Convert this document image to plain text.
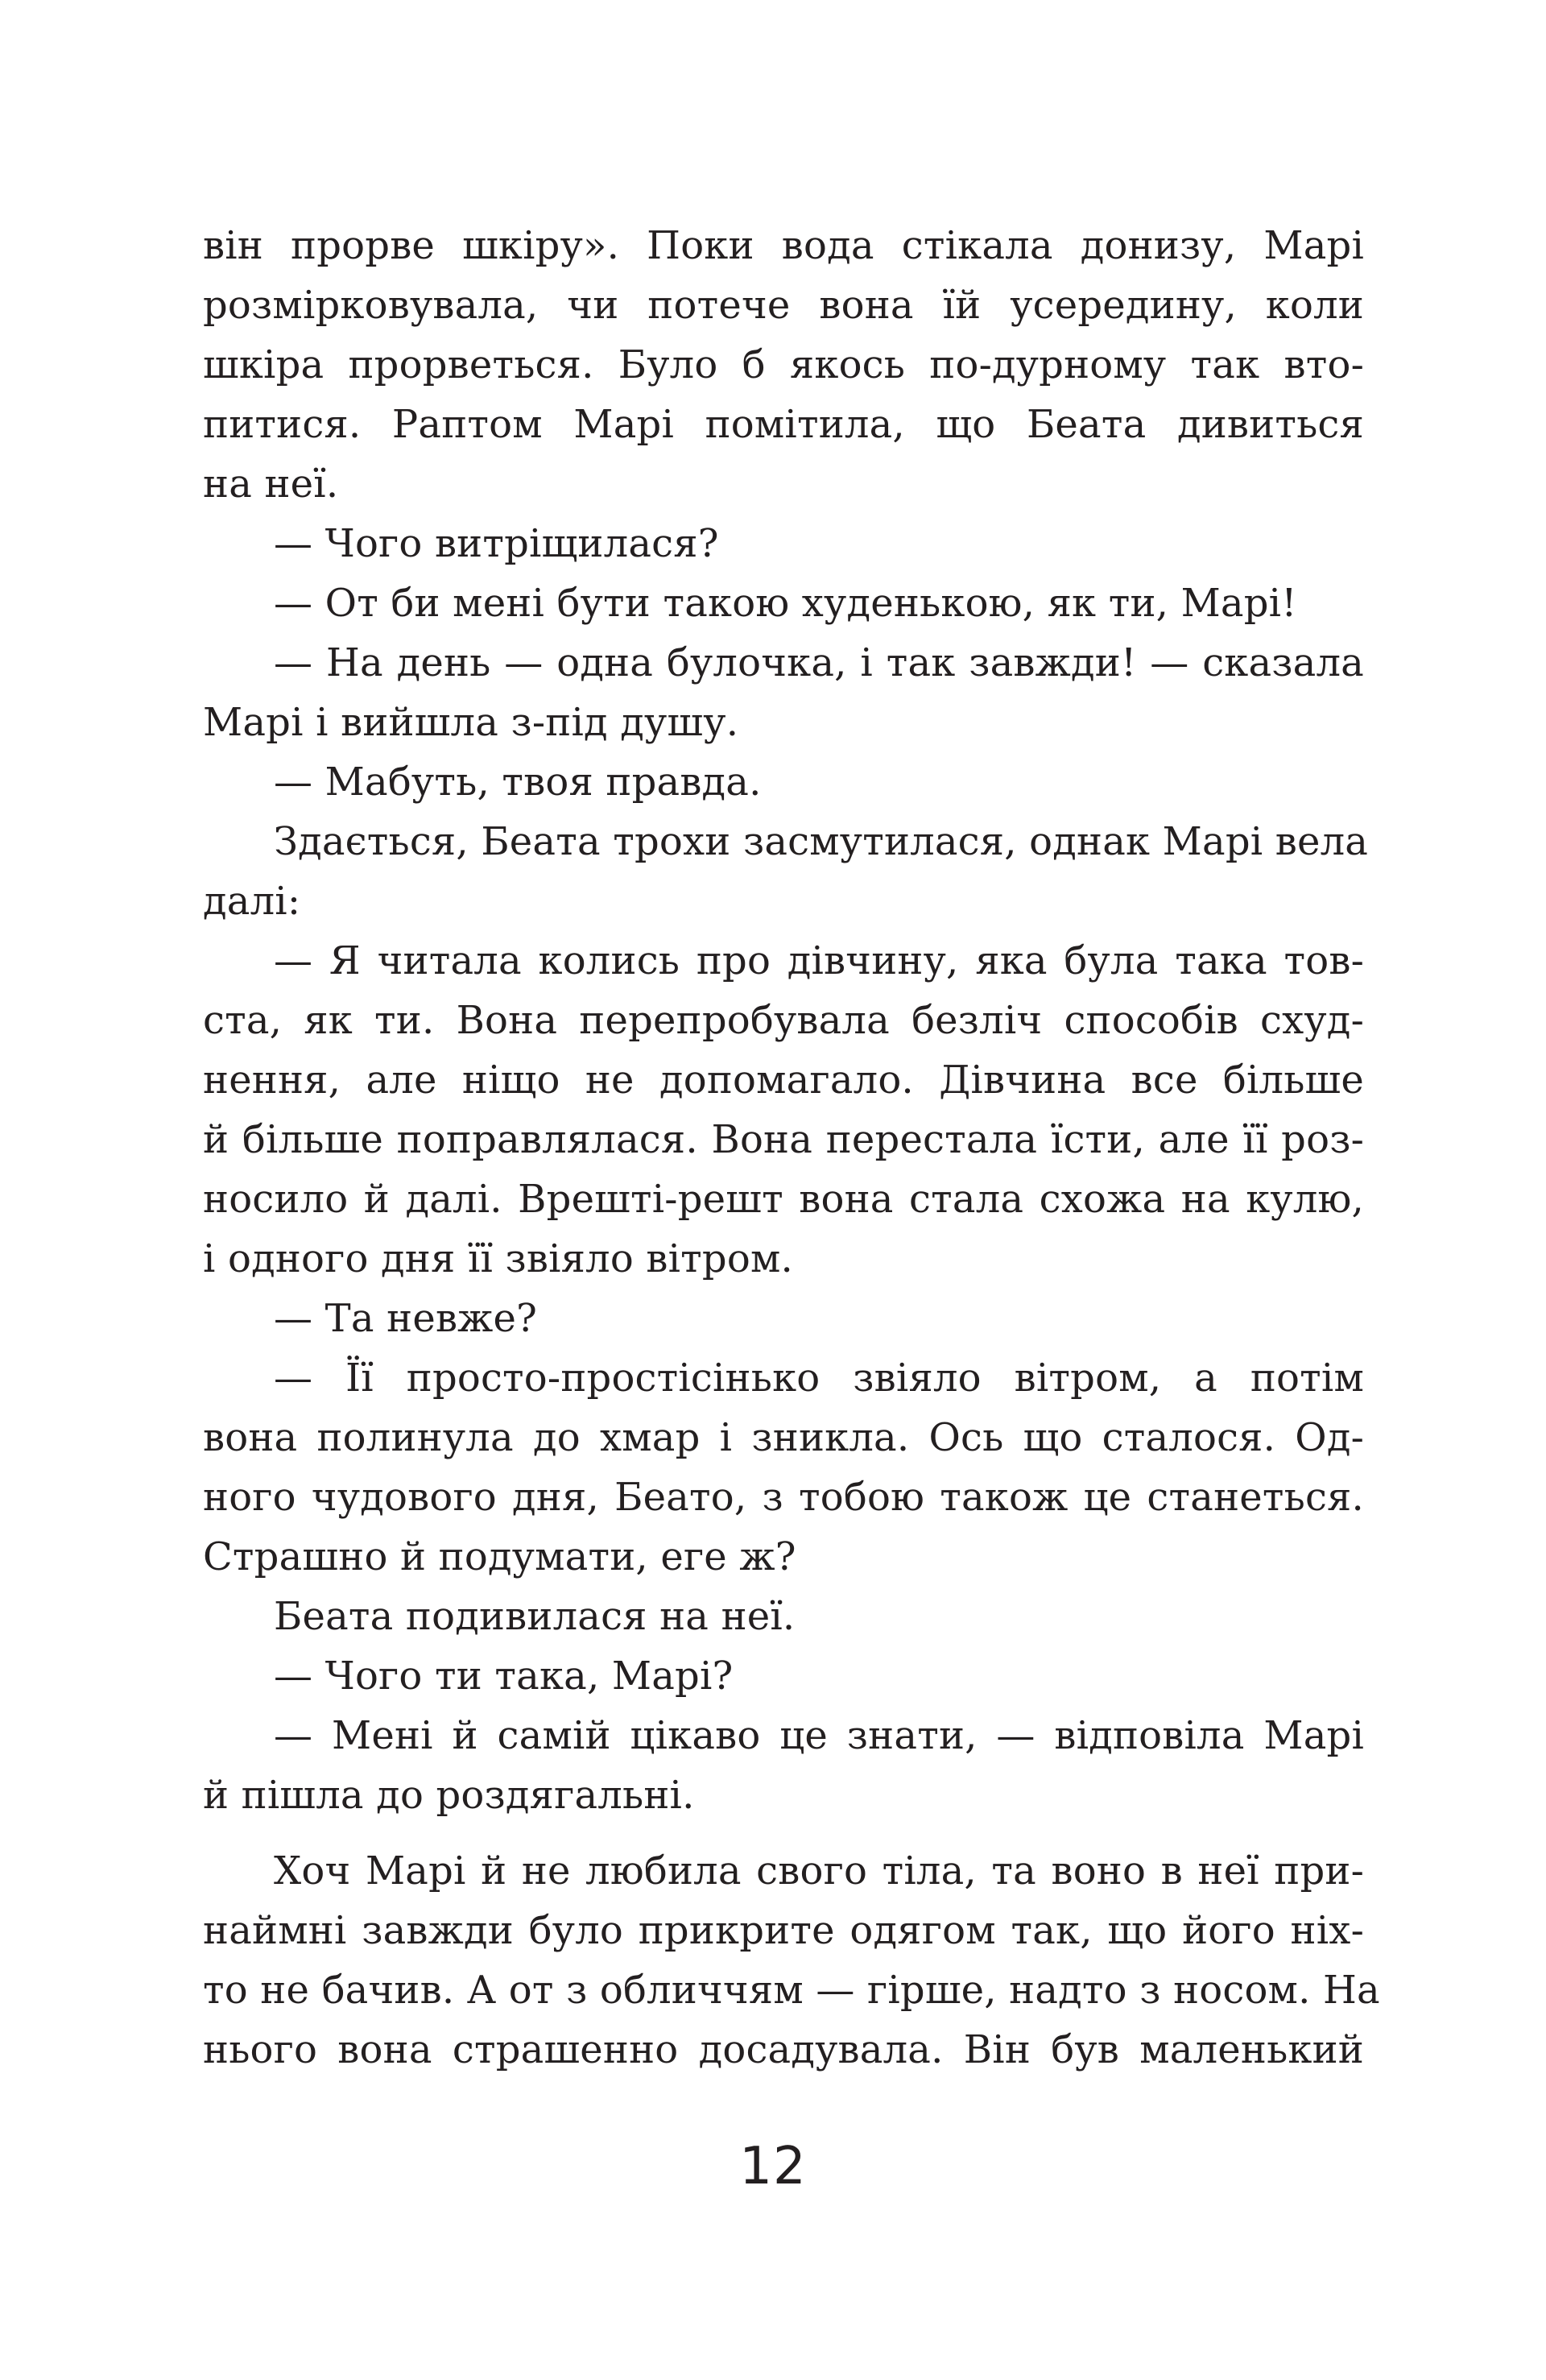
він прорве шкіру». Поки вода стікала донизу, Марі
розмірковувала, чи потече вона їй усередину, коли
шкіра прорветься. Було б якось по-дурному так вто-
питися. Раптом Марі помітила, що Беата дивиться
на неї.
— Чого витріщилася?
— От би мені бути такою худенькою, як ти, Марі!
— На день — одна булочка, і так завжди! — сказала
Марі і вийшла з-під душу.
— Мабуть, твоя правда.
Здається, Беата трохи засмутилася, однак Марі вела
далі:
— Я читала колись про дівчину, яка була така тов-
ста, як ти. Вона перепробувала безліч способів схуд-
нення, але ніщо не допомагало. Дівчина все більше
й більше поправлялася. Вона перестала їсти, але її роз-
носило й далі. Врешті-решт вона стала схожа на кулю,
і одного дня її звіяло вітром.
— Та невже?
— Її просто-простісінько звіяло вітром, а потім
вона полинула до хмар і зникла. Ось що сталося. Од-
ного чудового дня, Беато, з тобою також це станеться.
Страшно й подумати, еге ж?
Беата подивилася на неї.
— Чого ти така, Марі?
— Мені й самій цікаво це знати, — відповіла Марі
й пішла до роздягальні.
Хоч Марі й не любила свого тіла, та воно в неї при-
наймні завжди було прикрите одягом так, що його ніх-
то не бачив. А от з обличчям — гірше, надто з носом. На
нього вона страшенно досадувала. Він був маленький
12
